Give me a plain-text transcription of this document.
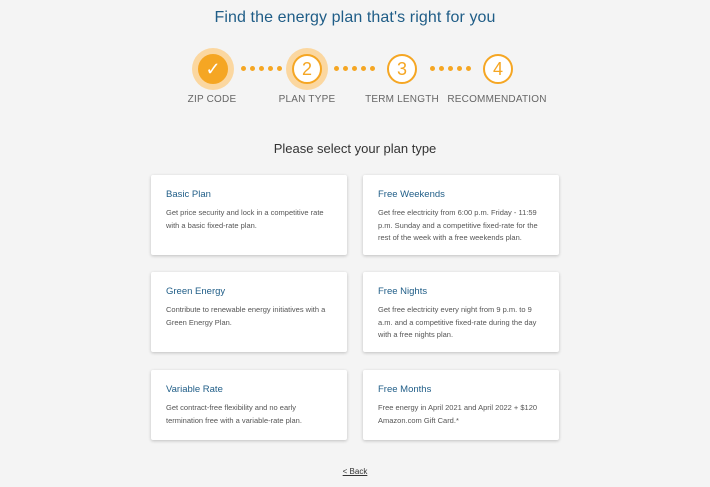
Find the energy plan that's right for you
✓
ZIP CODE
2
PLAN TYPE
3
TERM LENGTH
4
RECOMMENDATION
Please select your plan type
Basic Plan
Get price security and lock in a competitive rate with a basic fixed-rate plan.
Free Weekends
Get free electricity from 6:00 p.m. Friday - 11:59 p.m. Sunday and a competitive fixed-rate for the rest of the week with a free weekends plan.
Green Energy
Contribute to renewable energy initiatives with a Green Energy Plan.
Free Nights
Get free electricity every night from 9 p.m. to 9 a.m. and a competitive fixed-rate during the day with a free nights plan.
Variable Rate
Get contract-free flexibility and no early termination free with a variable-rate plan.
Free Months
Free energy in April 2021 and April 2022 + $120 Amazon.com Gift Card.*
< Back
